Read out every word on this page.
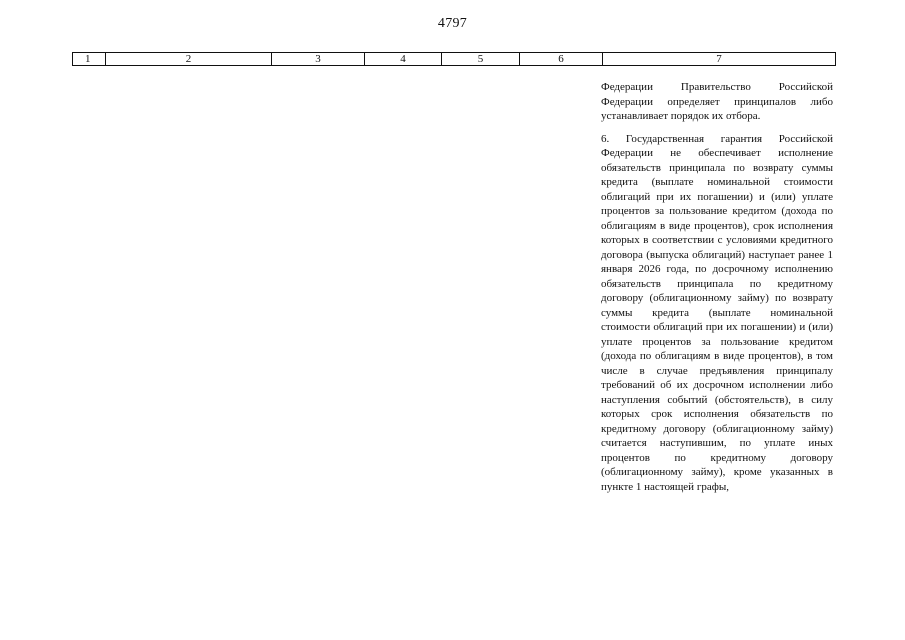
4797
1	2	3	4	5	6	7

Федерации Правительство Российской Федерации определяет принципалов либо устанавливает порядок их отбора.

6. Государственная гарантия Российской Федерации не обеспечивает исполнение обязательств принципала по возврату суммы кредита (выплате номинальной стоимости облигаций при их погашении) и (или) уплате процентов за пользование кредитом (дохода по облигациям в виде процентов), срок исполнения которых в соответствии с условиями кредитного договора (выпуска облигаций) наступает ранее 1 января 2026 года, по досрочному исполнению обязательств принципала по кредитному договору (облигационному займу) по возврату суммы кредита (выплате номинальной стоимости облигаций при их погашении) и (или) уплате процентов за пользование кредитом (дохода по облигациям в виде процентов), в том числе в случае предъявления принципалу требований об их досрочном исполнении либо наступления событий (обстоятельств), в силу которых срок исполнения обязательств по кредитному договору (облигационному займу) считается наступившим, по уплате иных процентов по кредитному договору (облигационному займу), кроме указанных в пункте 1 настоящей графы,
